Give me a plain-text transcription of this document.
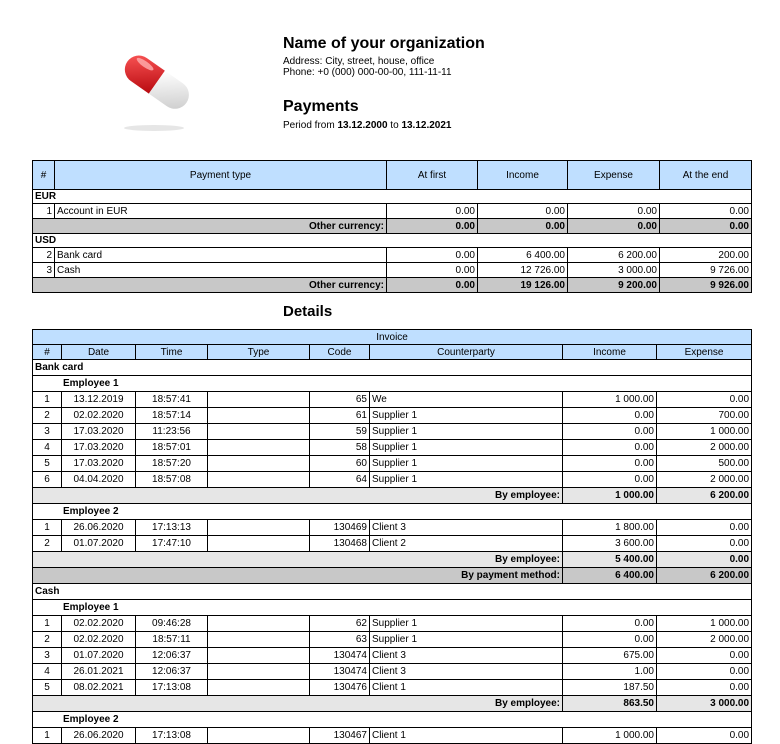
Name of your organization
Address: City, street, house, office
Phone: +0 (000) 000-00-00, 111-11-11
Payments
Period from 13.12.2000 to 13.12.2021
#	Payment type	At first	Income	Expense	At the end
EUR					
1	Account in EUR	0.00	0.00	0.00	0.00
Other currency:		0.00	0.00	0.00	0.00
USD					
2	Bank card	0.00	6 400.00	6 200.00	200.00
3	Cash	0.00	12 726.00	3 000.00	9 726.00
Other currency:		0.00	19 126.00	9 200.00	9 926.00
Details
Invoice							
#	Date	Time	Type	Code	Counterparty	Income	Expense
Bank card							
Employee 1							
1	13.12.2019	18:57:41		65	We	1 000.00	0.00
2	02.02.2020	18:57:14		61	Supplier 1	0.00	700.00
3	17.03.2020	11:23:56		59	Supplier 1	0.00	1 000.00
4	17.03.2020	18:57:01		58	Supplier 1	0.00	2 000.00
5	17.03.2020	18:57:20		60	Supplier 1	0.00	500.00
6	04.04.2020	18:57:08		64	Supplier 1	0.00	2 000.00
By employee:						1 000.00	6 200.00
Employee 2							
1	26.06.2020	17:13:13		130469	Client 3	1 800.00	0.00
2	01.07.2020	17:47:10		130468	Client 2	3 600.00	0.00
By employee:						5 400.00	0.00
By payment method:						6 400.00	6 200.00
Cash							
Employee 1							
1	02.02.2020	09:46:28		62	Supplier 1	0.00	1 000.00
2	02.02.2020	18:57:11		63	Supplier 1	0.00	2 000.00
3	01.07.2020	12:06:37		130474	Client 3	675.00	0.00
4	26.01.2021	12:06:37		130474	Client 3	1.00	0.00
5	08.02.2021	17:13:08		130476	Client 1	187.50	0.00
By employee:						863.50	3 000.00
Employee 2							
1	26.06.2020	17:13:08		130467	Client 1	1 000.00	0.00
